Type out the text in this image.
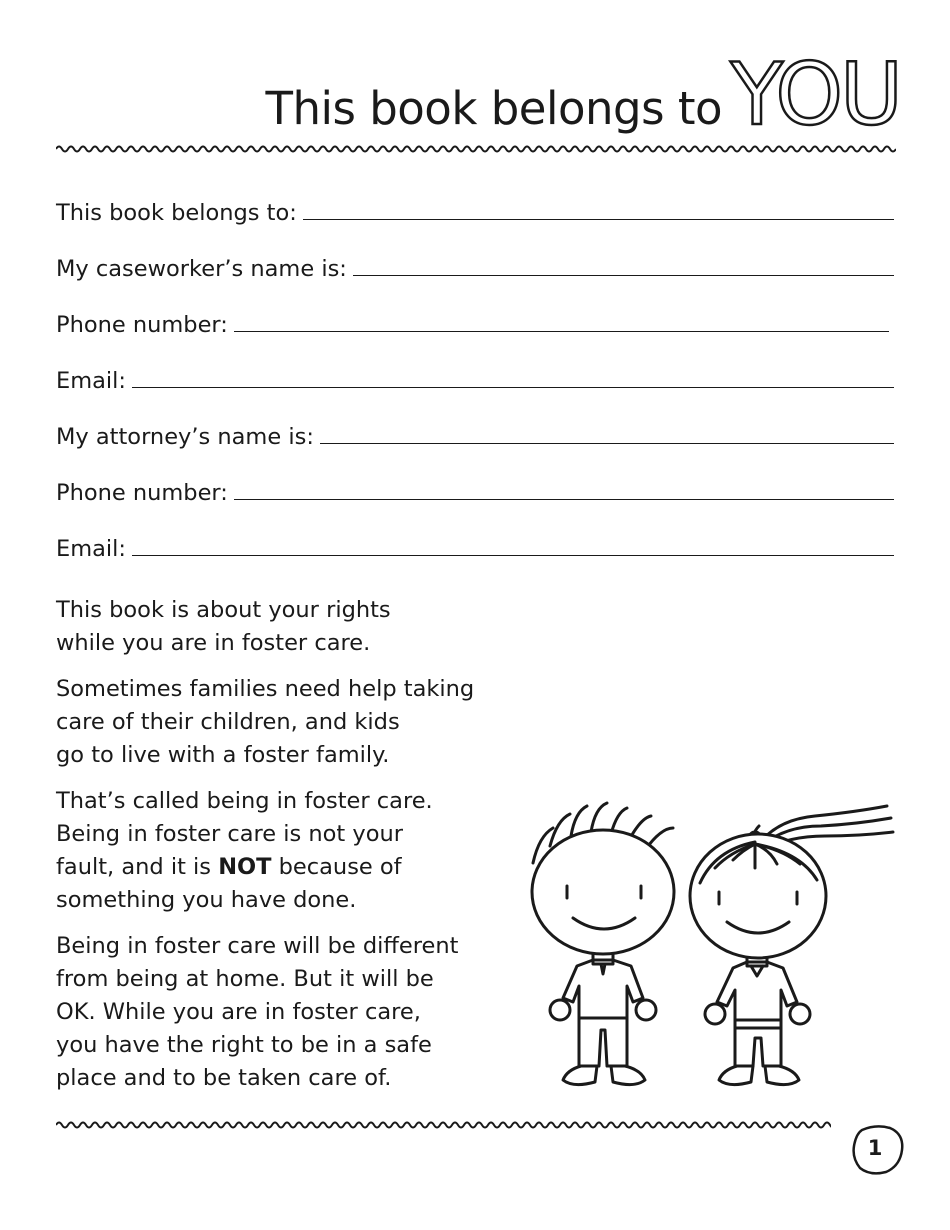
This book belongs to YOU
This book belongs to:
My caseworker’s name is:
Phone number:
Email:
My attorney’s name is:
Phone number:
Email:

This book is about your rights
while you are in foster care.

Sometimes families need help taking
care of their children, and kids
go to live with a foster family.

That’s called being in foster care.
Being in foster care is not your
fault, and it is NOT because of
something you have done.

Being in foster care will be different
from being at home. But it will be
OK. While you are in foster care,
you have the right to be in a safe
place and to be taken care of.

1
